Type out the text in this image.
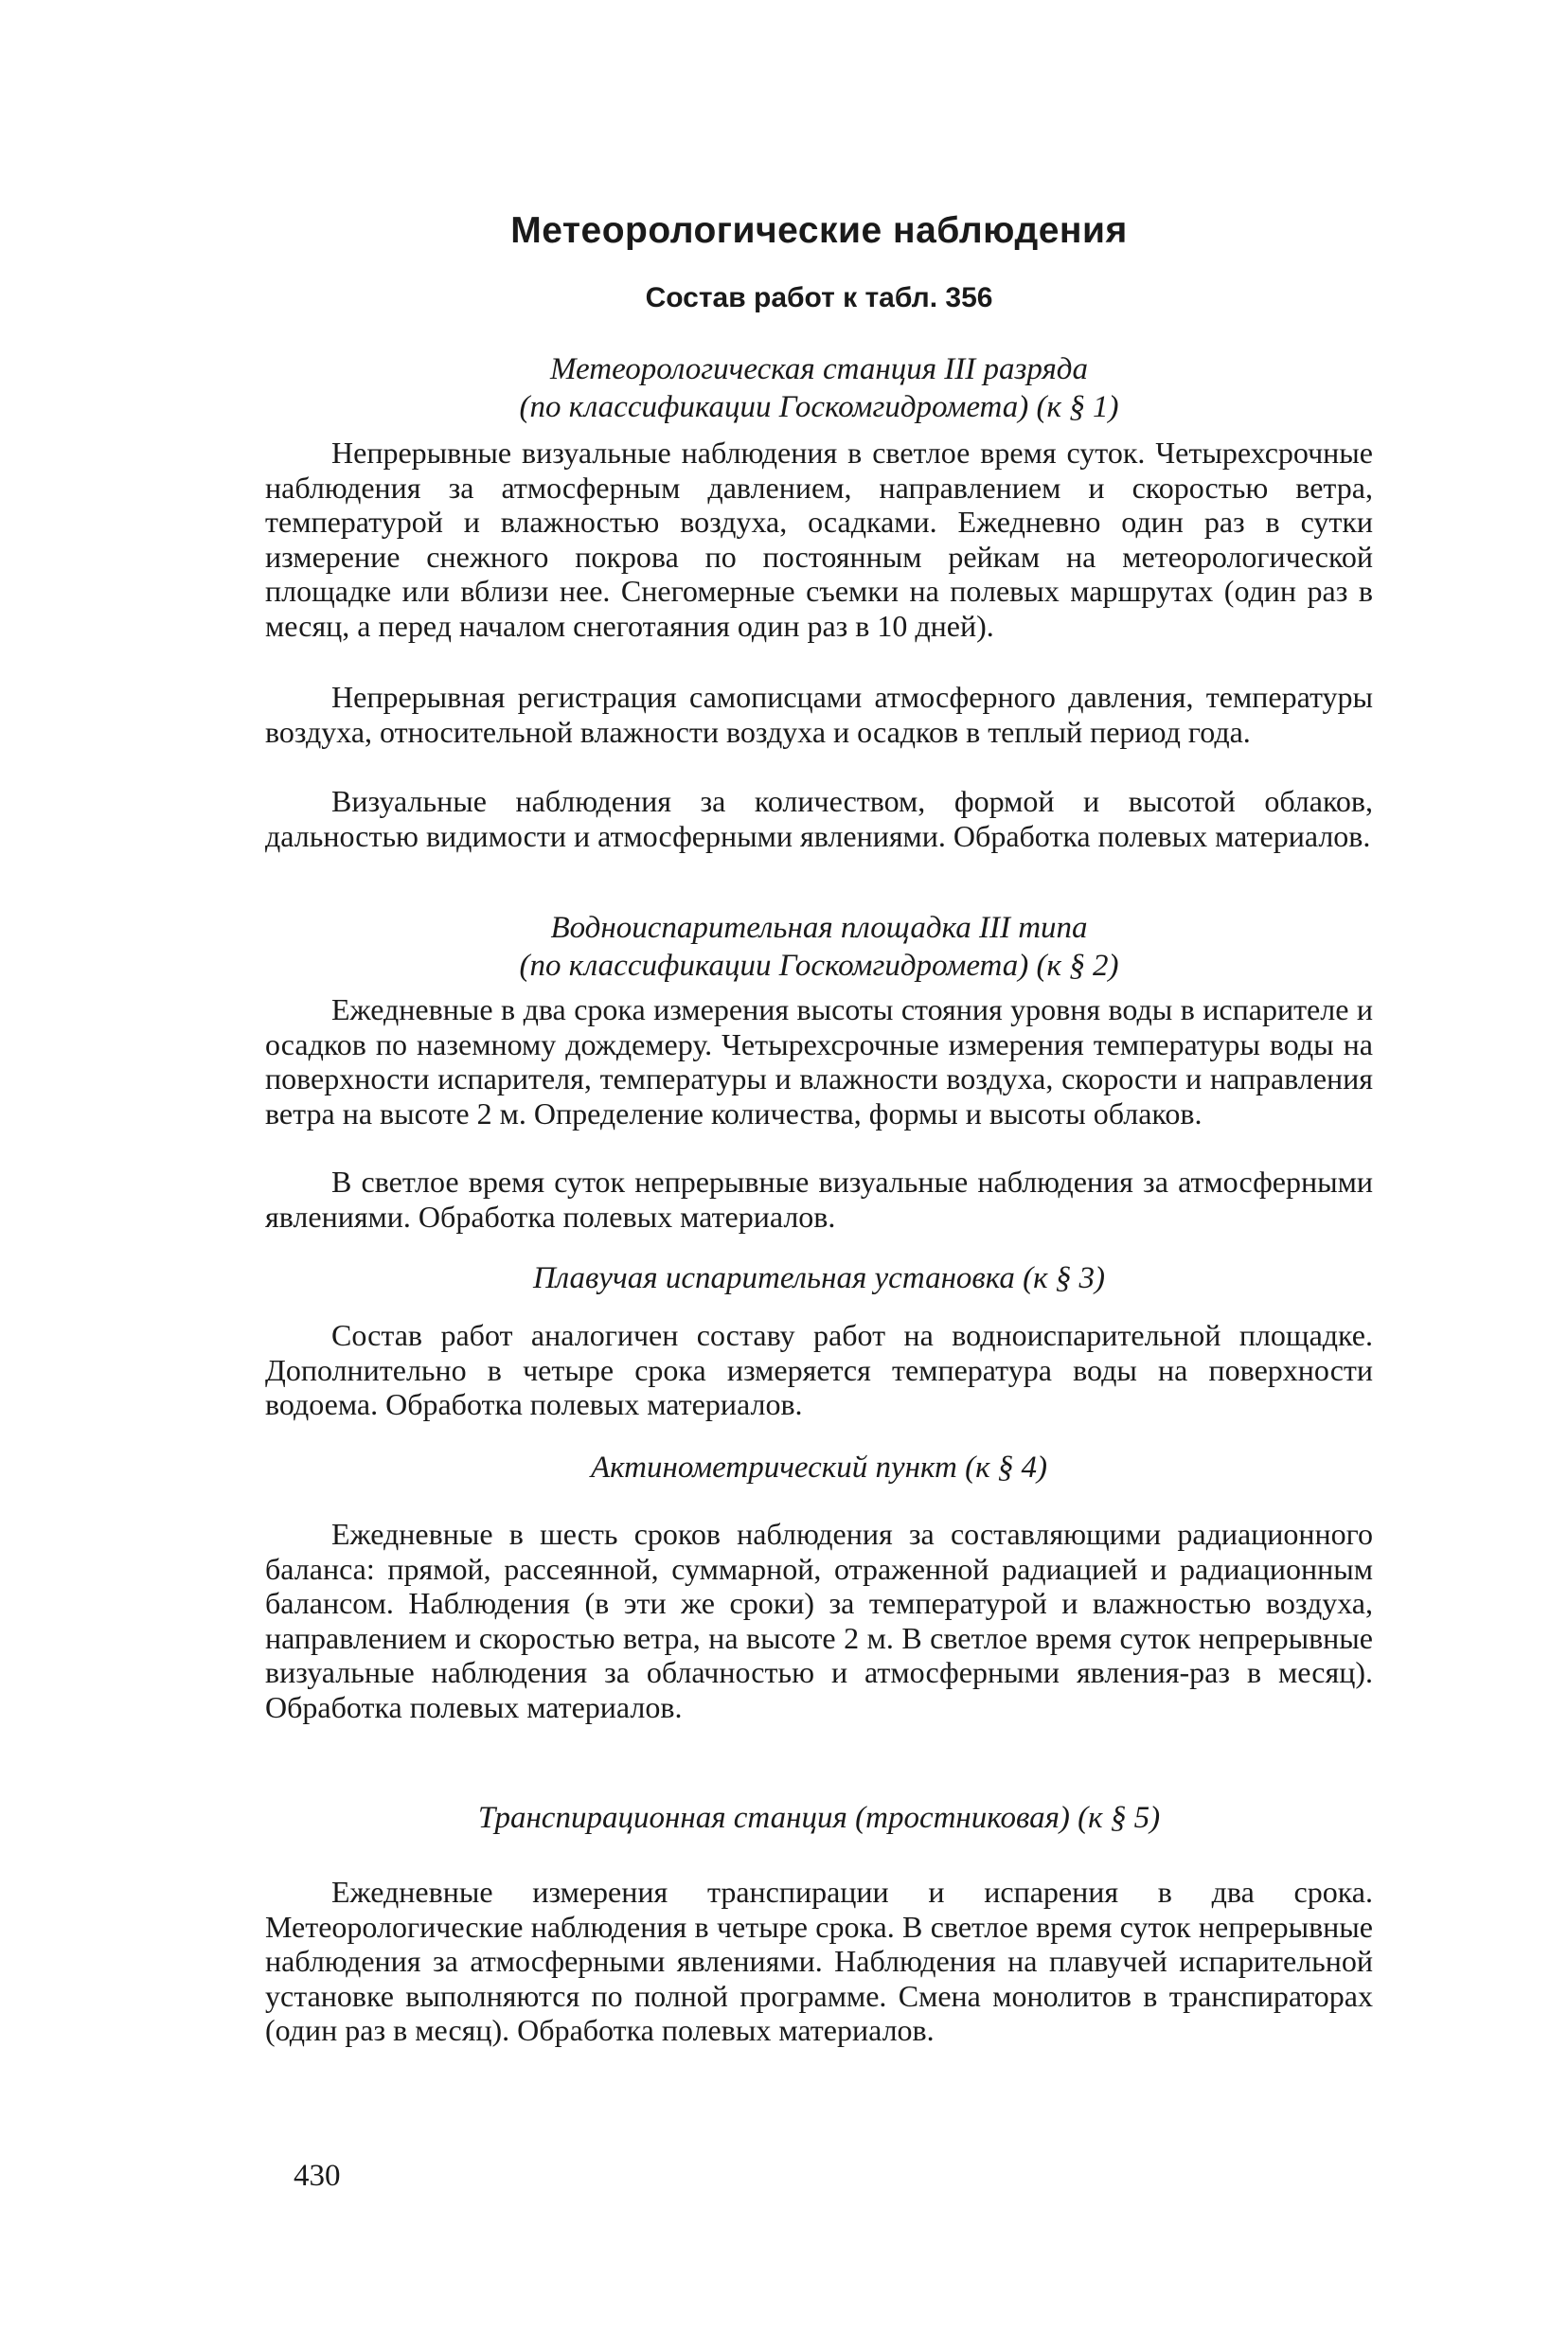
Метеорологические наблюдения
Состав работ к табл. 356
Метеорологическая станция III разряда
(по классификации Госкомгидромета) (к § 1)

Непрерывные визуальные наблюдения в светлое время суток. Четырехсрочные наблюдения за атмосферным давлением, направлением и скоростью ветра, температурой и влажностью воздуха, осадками. Ежедневно один раз в сутки измерение снежного покрова по постоянным рейкам на метеорологической площадке или вблизи нее. Снегомерные съемки на полевых маршрутах (один раз в месяц, а перед началом снеготаяния один раз в 10 дней).

Непрерывная регистрация самописцами атмосферного давления, температуры воздуха, относительной влажности воздуха и осадков в теплый период года.

Визуальные наблюдения за количеством, формой и высотой облаков, дальностью видимости и атмосферными явлениями. Обработка полевых материалов.

Водноиспарительная площадка III типа
(по классификации Госкомгидромета) (к § 2)

Ежедневные в два срока измерения высоты стояния уровня воды в испарителе и осадков по наземному дождемеру. Четырехсрочные измерения температуры воды на поверхности испарителя, температуры и влажности воздуха, скорости и направления ветра на высоте 2 м. Определение количества, формы и высоты облаков.

В светлое время суток непрерывные визуальные наблюдения за атмосферными явлениями. Обработка полевых материалов.

Плавучая испарительная установка (к § 3)

Состав работ аналогичен составу работ на водноиспарительной площадке. Дополнительно в четыре срока измеряется температура воды на поверхности водоема. Обработка полевых материалов.

Актинометрический пункт (к § 4)

Ежедневные в шесть сроков наблюдения за составляющими радиационного баланса: прямой, рассеянной, суммарной, отраженной радиацией и радиационным балансом. Наблюдения (в эти же сроки) за температурой и влажностью воздуха, направлением и скоростью ветра, на высоте 2 м. В светлое время суток непрерывные визуальные наблюдения за облачностью и атмосферными явления-раз в месяц). Обработка полевых материалов.

Транспирационная станция (тростниковая) (к § 5)

Ежедневные измерения транспирации и испарения в два срока. Метеорологические наблюдения в четыре срока. В светлое время суток непрерывные наблюдения за атмосферными явлениями. Наблюдения на плавучей испарительной установке выполняются по полной программе. Смена монолитов в транспираторах (один раз в месяц). Обработка полевых материалов.

430
